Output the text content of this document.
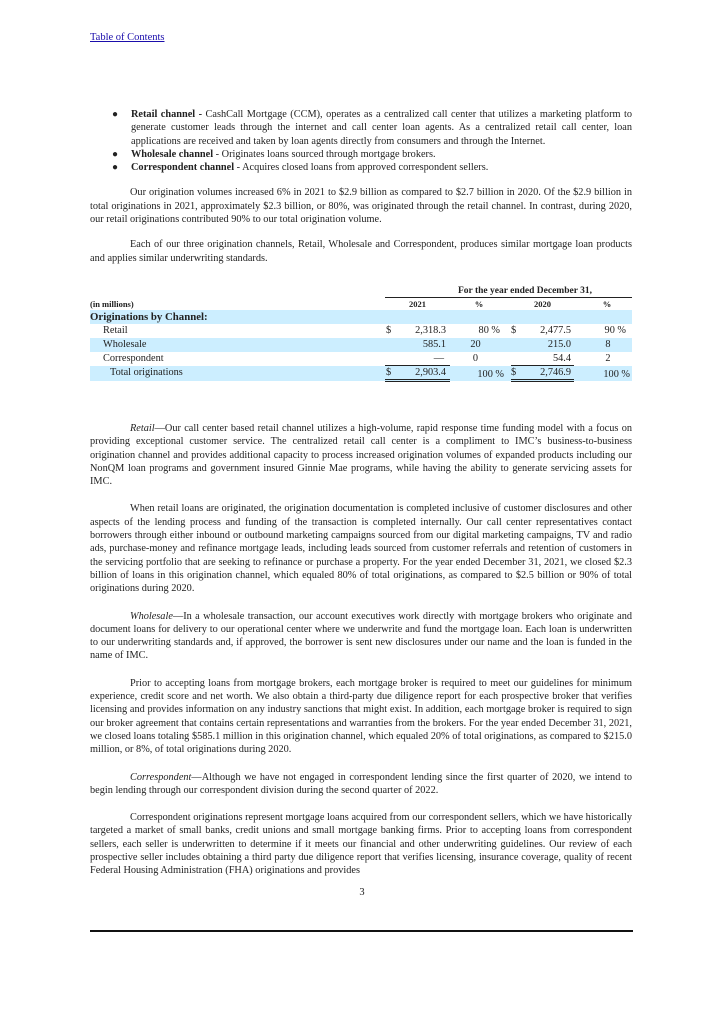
Table of Contents
● Retail channel - CashCall Mortgage (CCM), operates as a centralized call center that utilizes a marketing platform to generate customer leads through the internet and call center loan agents. As a centralized retail call center, loan applications are received and taken by loan agents directly from consumers and through the Internet.
● Wholesale channel - Originates loans sourced through mortgage brokers.
● Correspondent channel - Acquires closed loans from approved correspondent sellers.

Our origination volumes increased 6% in 2021 to $2.9 billion as compared to $2.7 billion in 2020. Of the $2.9 billion in total originations in 2021, approximately $2.3 billion, or 80%, was originated through the retail channel. In contrast, during 2020, our retail originations contributed 90% to our total origination volume.

Each of our three origination channels, Retail, Wholesale and Correspondent, produces similar mortgage loan products and applies similar underwriting standards.

For the year ended December 31,
(in millions)	2021	%	2020	%
Originations by Channel:
Retail	$	2,318.3	80 % $	2,477.5	90 %
Wholesale	585.1	20	215.0	8
Correspondent	—	0	54.4	2
Total originations	$	2,903.4	100 % $	2,746.9	100 %

Retail—Our call center based retail channel utilizes a high-volume, rapid response time funding model with a focus on providing exceptional customer service. The centralized retail call center is a compliment to IMC’s business-to-business origination channel and provides additional capacity to process increased origination volumes of expanded products including our NonQM loan programs and government insured Ginnie Mae programs, while having the ability to generate servicing assets for IMC.

When retail loans are originated, the origination documentation is completed inclusive of customer disclosures and other aspects of the lending process and funding of the transaction is completed internally. Our call center representatives contact borrowers through either inbound or outbound marketing campaigns sourced from our digital marketing campaigns, TV and radio ads, purchase-money and refinance mortgage leads, including leads sourced from customer referrals and retention of customers in the servicing portfolio that are seeking to refinance or purchase a property. For the year ended December 31, 2021, we closed $2.3 billion of loans in this origination channel, which equaled 80% of total originations, as compared to $2.5 billion or 90% of total originations during 2020.

Wholesale—In a wholesale transaction, our account executives work directly with mortgage brokers who originate and document loans for delivery to our operational center where we underwrite and fund the mortgage loan. Each loan is underwritten to our underwriting standards and, if approved, the borrower is sent new disclosures under our name and the loan is funded in the name of IMC.

Prior to accepting loans from mortgage brokers, each mortgage broker is required to meet our guidelines for minimum experience, credit score and net worth. We also obtain a third-party due diligence report for each prospective broker that verifies licensing and provides information on any industry sanctions that might exist. In addition, each mortgage broker is required to sign our broker agreement that contains certain representations and warranties from the brokers. For the year ended December 31, 2021, we closed loans totaling $585.1 million in this origination channel, which equaled 20% of total originations, as compared to $215.0 million, or 8%, of total originations during 2020.

Correspondent—Although we have not engaged in correspondent lending since the first quarter of 2020, we intend to begin lending through our correspondent division during the second quarter of 2022.

Correspondent originations represent mortgage loans acquired from our correspondent sellers, which we have historically targeted a market of small banks, credit unions and small mortgage banking firms. Prior to accepting loans from correspondent sellers, each seller is underwritten to determine if it meets our financial and other underwriting guidelines. Our review of each prospective seller includes obtaining a third party due diligence report that verifies licensing, insurance coverage, quality of recent Federal Housing Administration (FHA) originations and provides

3
